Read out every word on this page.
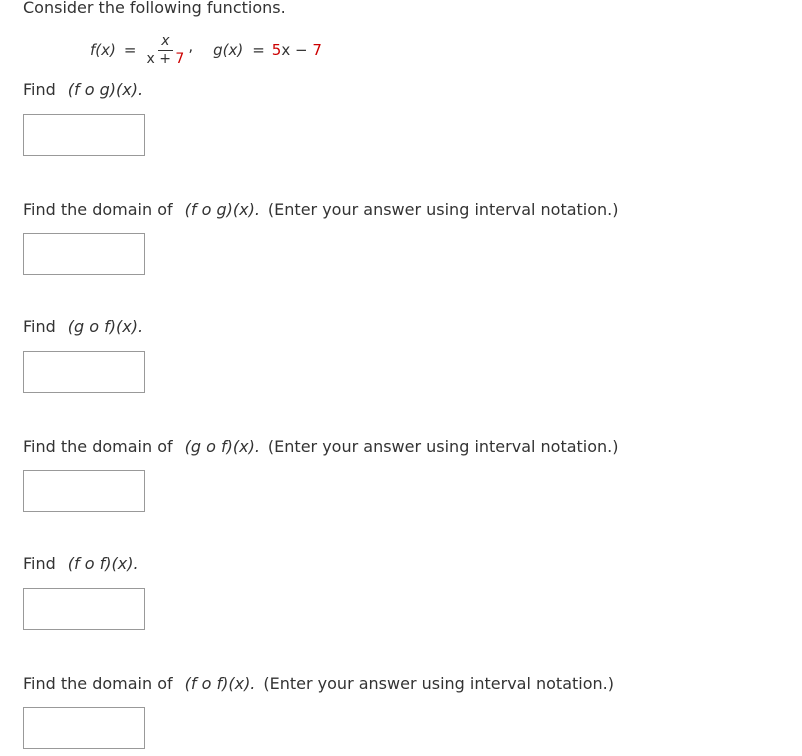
Consider the following functions.
$f(x) = \frac{x}{x + 7}$ , g(x) = 5x − 7
Find (f o g)(x).
Find the domain of (f o g)(x). (Enter your answer using interval notation.)
Find (g o f)(x).
Find the domain of (g o f)(x). (Enter your answer using interval notation.)
Find (f o f)(x).
Find the domain of (f o f)(x). (Enter your answer using interval notation.)
